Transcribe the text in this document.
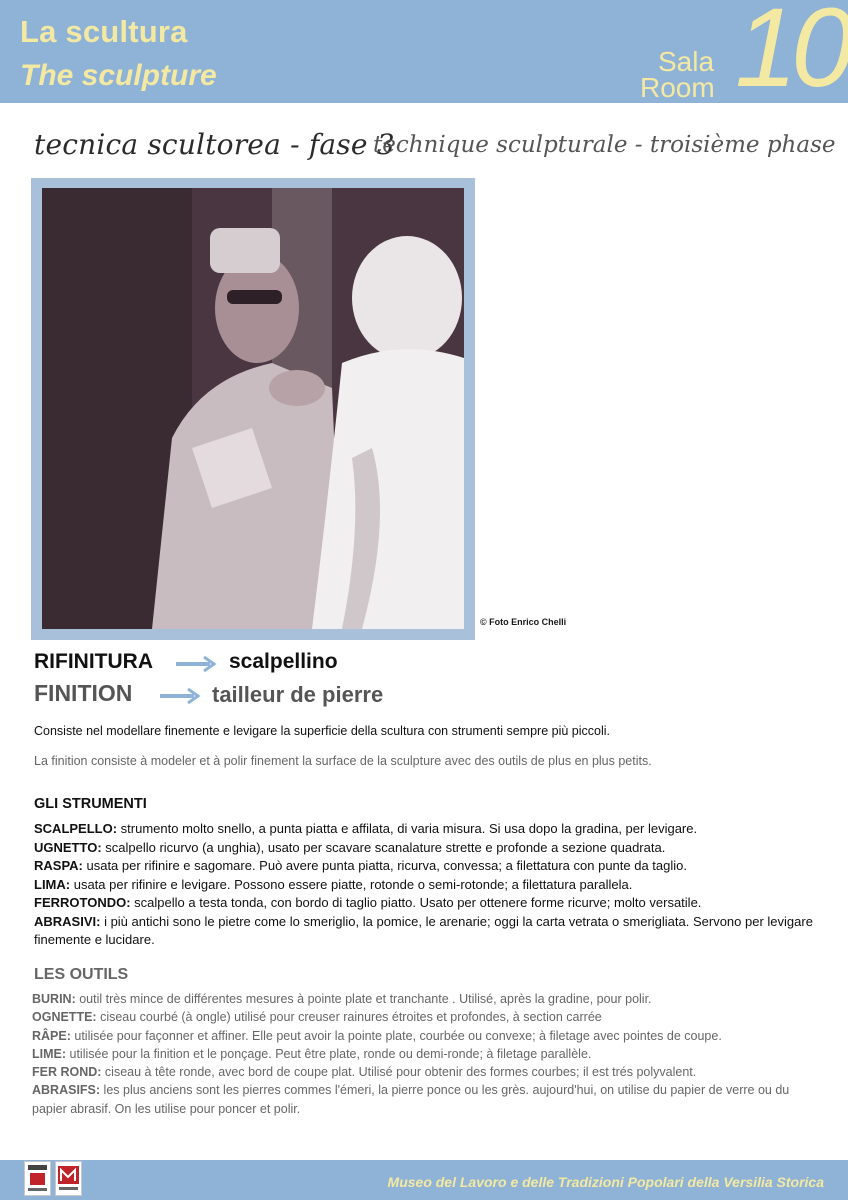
La scultura
The sculpture	Sala
Room 10
tecnica scultorea - fase 3
technique sculpturale - troisième phase
© Foto Enrico Chelli
RIFINITURA	scalpellino
FINITION	tailleur de pierre
Consiste nel modellare finemente e levigare la superficie della scultura con strumenti sempre più piccoli.
La finition consiste à modeler et à polir finement la surface de la sculpture avec des outils de plus en plus petits.
GLI STRUMENTI
SCALPELLO: strumento molto snello, a punta piatta e affilata, di varia misura. Si usa dopo la gradina, per levigare.
UGNETTO: scalpello ricurvo (a unghia), usato per scavare scanalature strette e profonde a sezione quadrata.
RASPA: usata per rifinire e sagomare. Può avere punta piatta, ricurva, convessa; a filettatura con punte da taglio.
LIMA: usata per rifinire e levigare. Possono essere piatte, rotonde o semi-rotonde; a filettatura parallela.
FERROTONDO: scalpello a testa tonda, con bordo di taglio piatto. Usato per ottenere forme ricurve; molto versatile.
ABRASIVI: i più antichi sono le pietre come lo smeriglio, la pomice, le arenarie; oggi la carta vetrata o smerigliata. Servono per levigare finemente e lucidare.
LES OUTILS
BURIN: outil très mince de différentes mesures à pointe plate et tranchante . Utilisé, après la gradine, pour polir.
OGNETTE: ciseau courbé (à ongle) utilisé pour creuser rainures étroites et profondes, à section carrée
RÂPE: utilisée pour façonner et affiner. Elle peut avoir la pointe plate, courbée ou convexe; à filetage avec pointes de coupe.
LIME: utilisée pour la finition et le ponçage. Peut être plate, ronde ou demi-ronde; à filetage parallèle.
FER ROND: ciseau à tête ronde, avec bord de coupe plat. Utilisé pour obtenir des formes courbes; il est trés polyvalent.
ABRASIFS: les plus anciens sont les pierres commes l'émeri, la pierre ponce ou les grès. aujourd'hui, on utilise du papier de verre ou du papier abrasif. On les utilise pour poncer et polir.
Museo del Lavoro e delle Tradizioni Popolari della Versilia Storica
